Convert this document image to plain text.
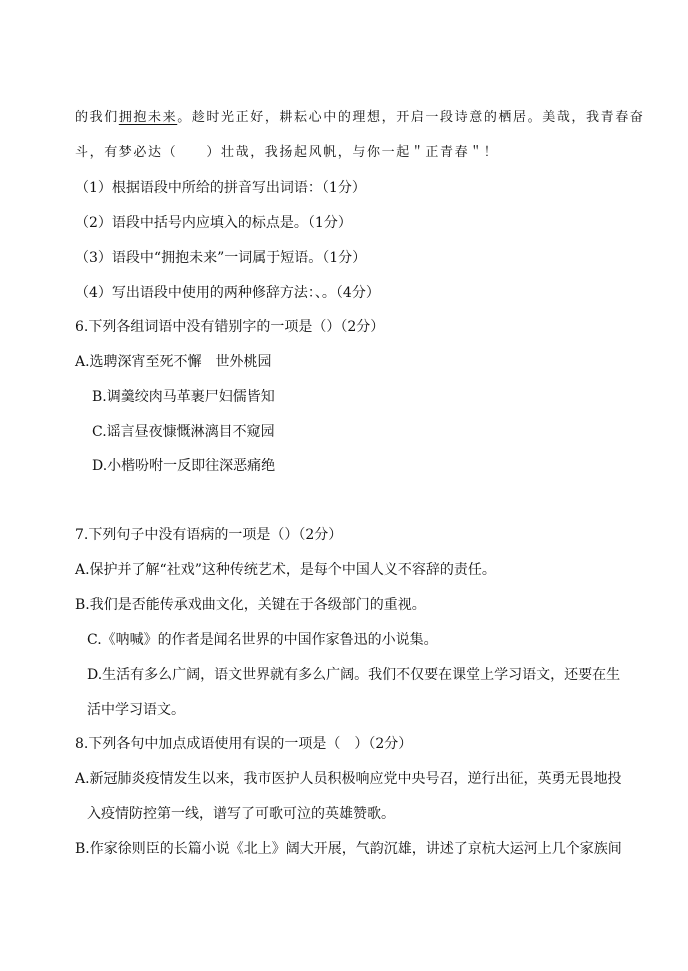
的我们拥抱未来。趁时光正好，耕耘心中的理想，开启一段诗意的栖居。美哉，我青春奋
斗，有梦必达（　　）壮哉，我扬起风帆，与你一起＂正青春＂！
（1）根据语段中所给的拼音写出词语：（1分）
（2）语段中括号内应填入的标点是。（1分）
（3）语段中“拥抱未来”一词属于短语。（1分）
（4）写出语段中使用的两种修辞方法：、。（4分）
6.下列各组词语中没有错别字的一项是（）（2分）
A.选聘深宵至死不懈　世外桃园
B.调羹绞肉马革裹尸妇儒皆知
C.谣言昼夜慷慨淋漓目不窥园
D.小楷吩咐一反即往深恶痛绝
7.下列句子中没有语病的一项是（）（2分）
A.保护并了解“社戏”这种传统艺术，是每个中国人义不容辞的责任。
B.我们是否能传承戏曲文化，关键在于各级部门的重视。
C.《呐喊》的作者是闻名世界的中国作家鲁迅的小说集。
D.生活有多么广阔，语文世界就有多么广阔。我们不仅要在课堂上学习语文，还要在生
活中学习语文。
8.下列各句中加点成语使用有误的一项是（　）（2分）
A.新冠肺炎疫情发生以来，我市医护人员积极响应党中央号召，逆行出征，英勇无畏地投
入疫情防控第一线，谱写了可歌可泣的英雄赞歌。
B.作家徐则臣的长篇小说《北上》阔大开展，气韵沉雄，讲述了京杭大运河上几个家族间
